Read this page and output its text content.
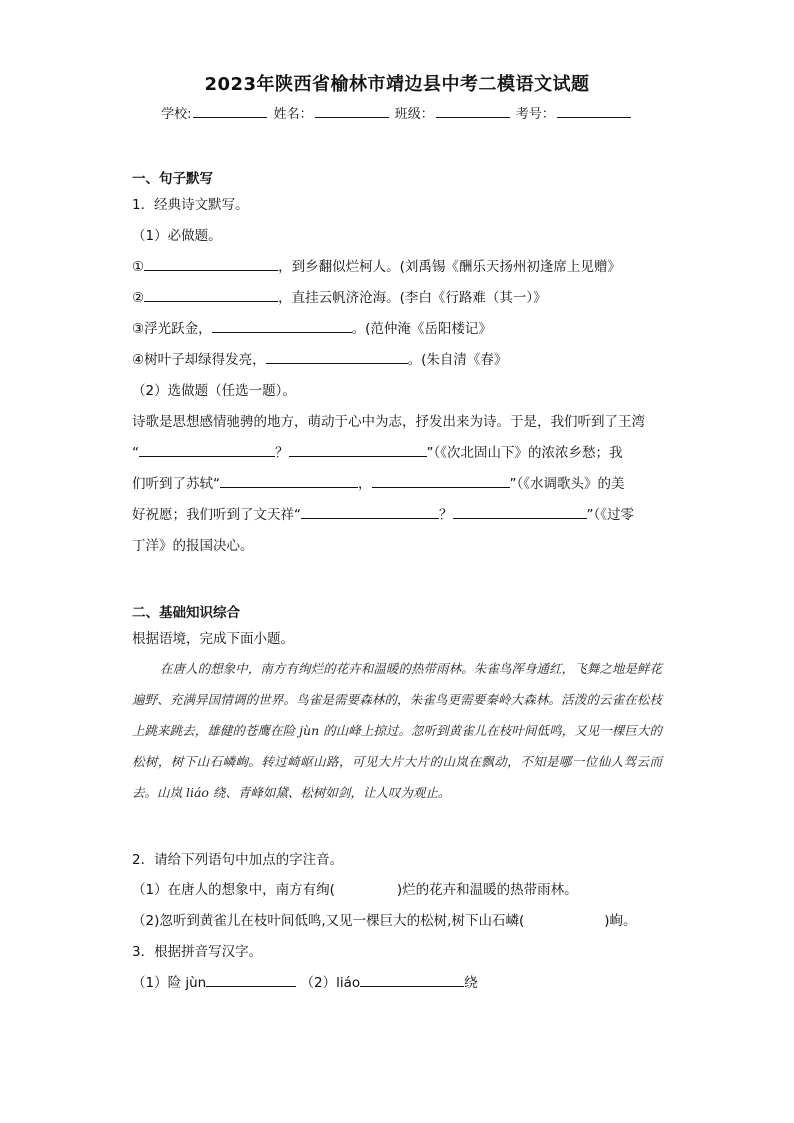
2023年陕西省榆林市靖边县中考二模语文试题
学校:	姓名：	班级：	考号：
一、句子默写
1．经典诗文默写。
（1）必做题。
①	，到乡翻似烂柯人。(刘禹锡《酬乐天扬州初逢席上见赠》
②	，直挂云帆济沧海。(李白《行路难（其一）》
③浮光跃金，	。(范仲淹《岳阳楼记》
④树叶子却绿得发亮，	。(朱自清《春》
（2）选做题（任选一题）。
诗歌是思想感情驰骋的地方，萌动于心中为志，抒发出来为诗。于是，我们听到了王湾
“	？	”（《次北固山下》的浓浓乡愁；我
们听到了苏轼“	，	”（《水调歌头》的美
好祝愿；我们听到了文天祥“	？	”（《过零
丁洋》的报国决心。
二、基础知识综合
根据语境，完成下面小题。

在唐人的想象中，南方有绚烂的花卉和温暖的热带雨林。朱雀鸟浑身通红，飞舞之地是鲜花遍野、充满异国情调的世界。鸟雀是需要森林的，朱雀鸟更需要秦岭大森林。活泼的云雀在松枝上跳来跳去，雄健的苍鹰在险 jùn 的山峰上掠过。忽听到黄雀儿在枝叶间低鸣，又见一棵巨大的松树，树下山石嶙峋。转过崎岖山路，可见大片大片的山岚在飘动，不知是哪一位仙人驾云而去。山岚 liáo 绕、青峰如黛、松树如剑，让人叹为观止。

2．请给下列语句中加点的字注音。
（1）在唐人的想象中，南方有绚(	)烂的花卉和温暖的热带雨林。
（2)忽听到黄雀儿在枝叶间低鸣,又见一棵巨大的松树,树下山石嶙(	)峋。
3．根据拼音写汉字。
（1）险 jùn	（2）liáo	绕
